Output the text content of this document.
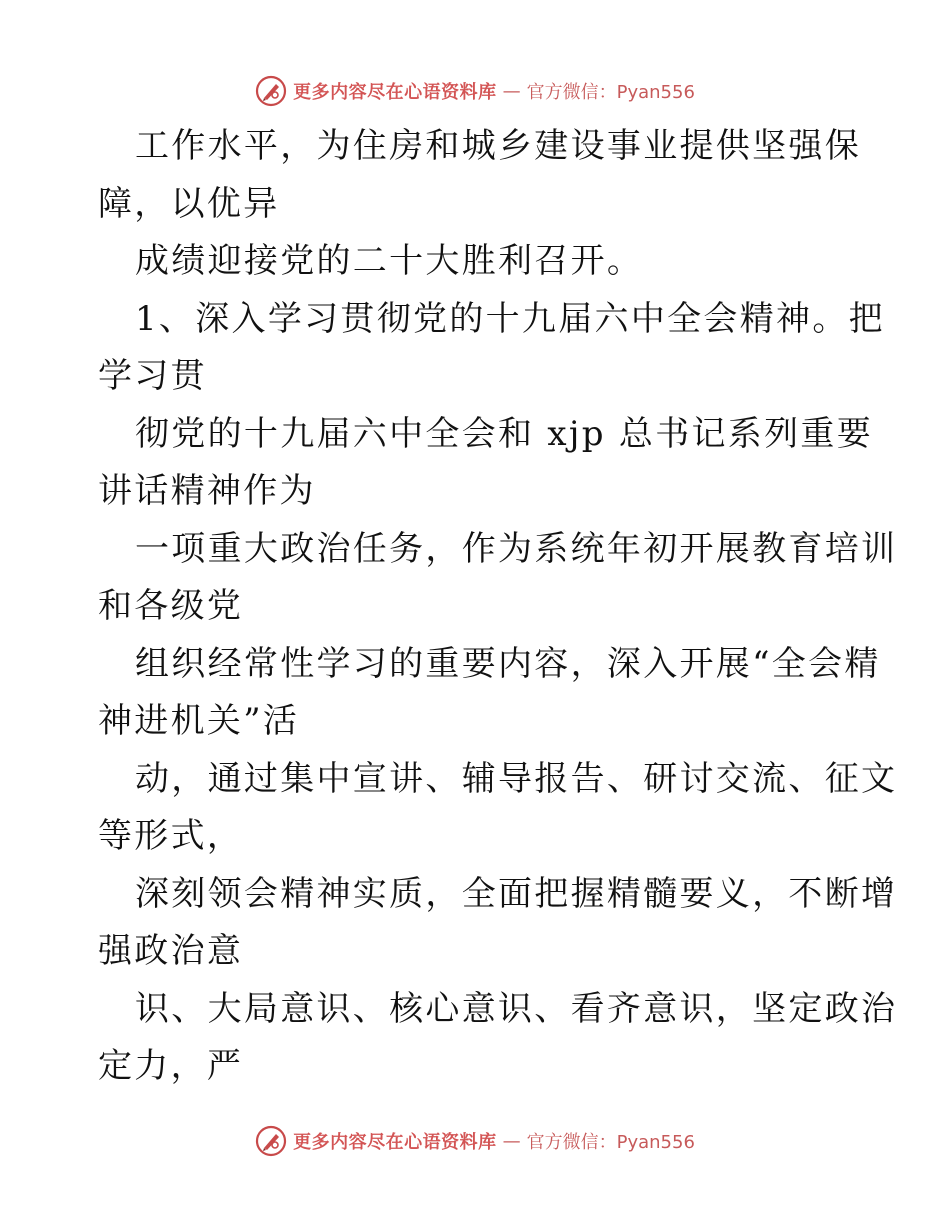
更多内容尽在心语资料库 — 官方微信：Pyan556
工作水平，为住房和城乡建设事业提供坚强保
障，以优异
成绩迎接党的二十大胜利召开。
1、深入学习贯彻党的十九届六中全会精神。把
学习贯
彻党的十九届六中全会和 xjp 总书记系列重要
讲话精神作为
一项重大政治任务，作为系统年初开展教育培训
和各级党
组织经常性学习的重要内容，深入开展“全会精
神进机关”活
动，通过集中宣讲、辅导报告、研讨交流、征文
等形式，
深刻领会精神实质，全面把握精髓要义，不断增
强政治意
识、大局意识、核心意识、看齐意识，坚定政治
定力，严
更多内容尽在心语资料库 — 官方微信：Pyan556
